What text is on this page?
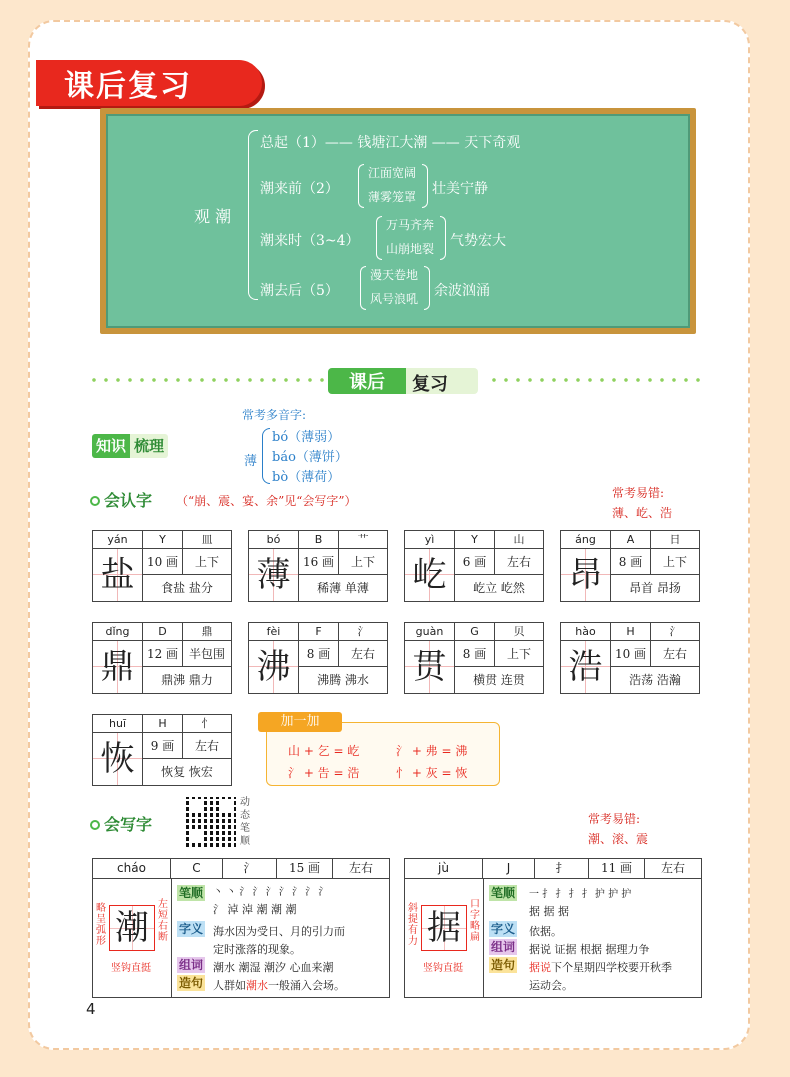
课后复习
观 潮
总起（1）—— 钱塘江大潮 —— 天下奇观
潮来前（2）
江面宽阔
薄雾笼罩 壮美宁静
潮来时（3~4）
万马齐奔
山崩地裂 气势宏大
潮去后（5）
漫天卷地
风号浪吼 余波汹涌
课后	复习
常考多音字:
薄
bó（薄弱）
báo（薄饼）
bò（薄荷）
知识 梳理
会认字 （“崩、震、宴、余”见“会写字”）
常考易错:
薄、屹、浩
yán	Y	皿
盐	10 画	上下
食盐 盐分
bó	B	艹
薄	16 画	上下
稀薄 单薄
yì	Y	山
屹	6 画	左右
屹立 屹然
áng	A	日
昂	8 画	上下
昂首 昂扬
dǐng	D	鼎
鼎	12 画 半包围
鼎沸 鼎力
fèi	F	氵
沸	8 画	左右
沸腾 沸水
guàn	G	贝
贯	8 画	上下
横贯 连贯
hào	H	氵
浩	10 画	左右
浩荡 浩瀚
huī	H	忄
恢	9 画	左右
恢复 恢宏
加一加
山 + 乞 = 屹	氵 + 弗 = 沸
氵 + 告 = 浩	忄 + 灰 = 恢
会写字
动态笔顺
常考易错:
潮、滚、震
cháo	C	氵	15 画	左右
潮
略呈弧形
左短右断
竖钩直挺
笔顺 丶 丶 氵 氵 氵 氵 氵 氵 氵
氵 淖 淖 潮 潮 潮
字义 海水因为受日、月的引力而
定时涨落的现象。
组词 潮水 潮湿 潮汐 心血来潮
造句 人群如潮水一般涌入会场。
jù	J	扌	11 画	左右
据
斜提有力
口字略扁
竖钩直挺
笔顺 一 扌 扌 扌 扌 护 护 护
据 据 据
字义 依据。
组词 据说 证据 根据 据理力争
造句 据说下个星期四学校要开秋季
运动会。
4
